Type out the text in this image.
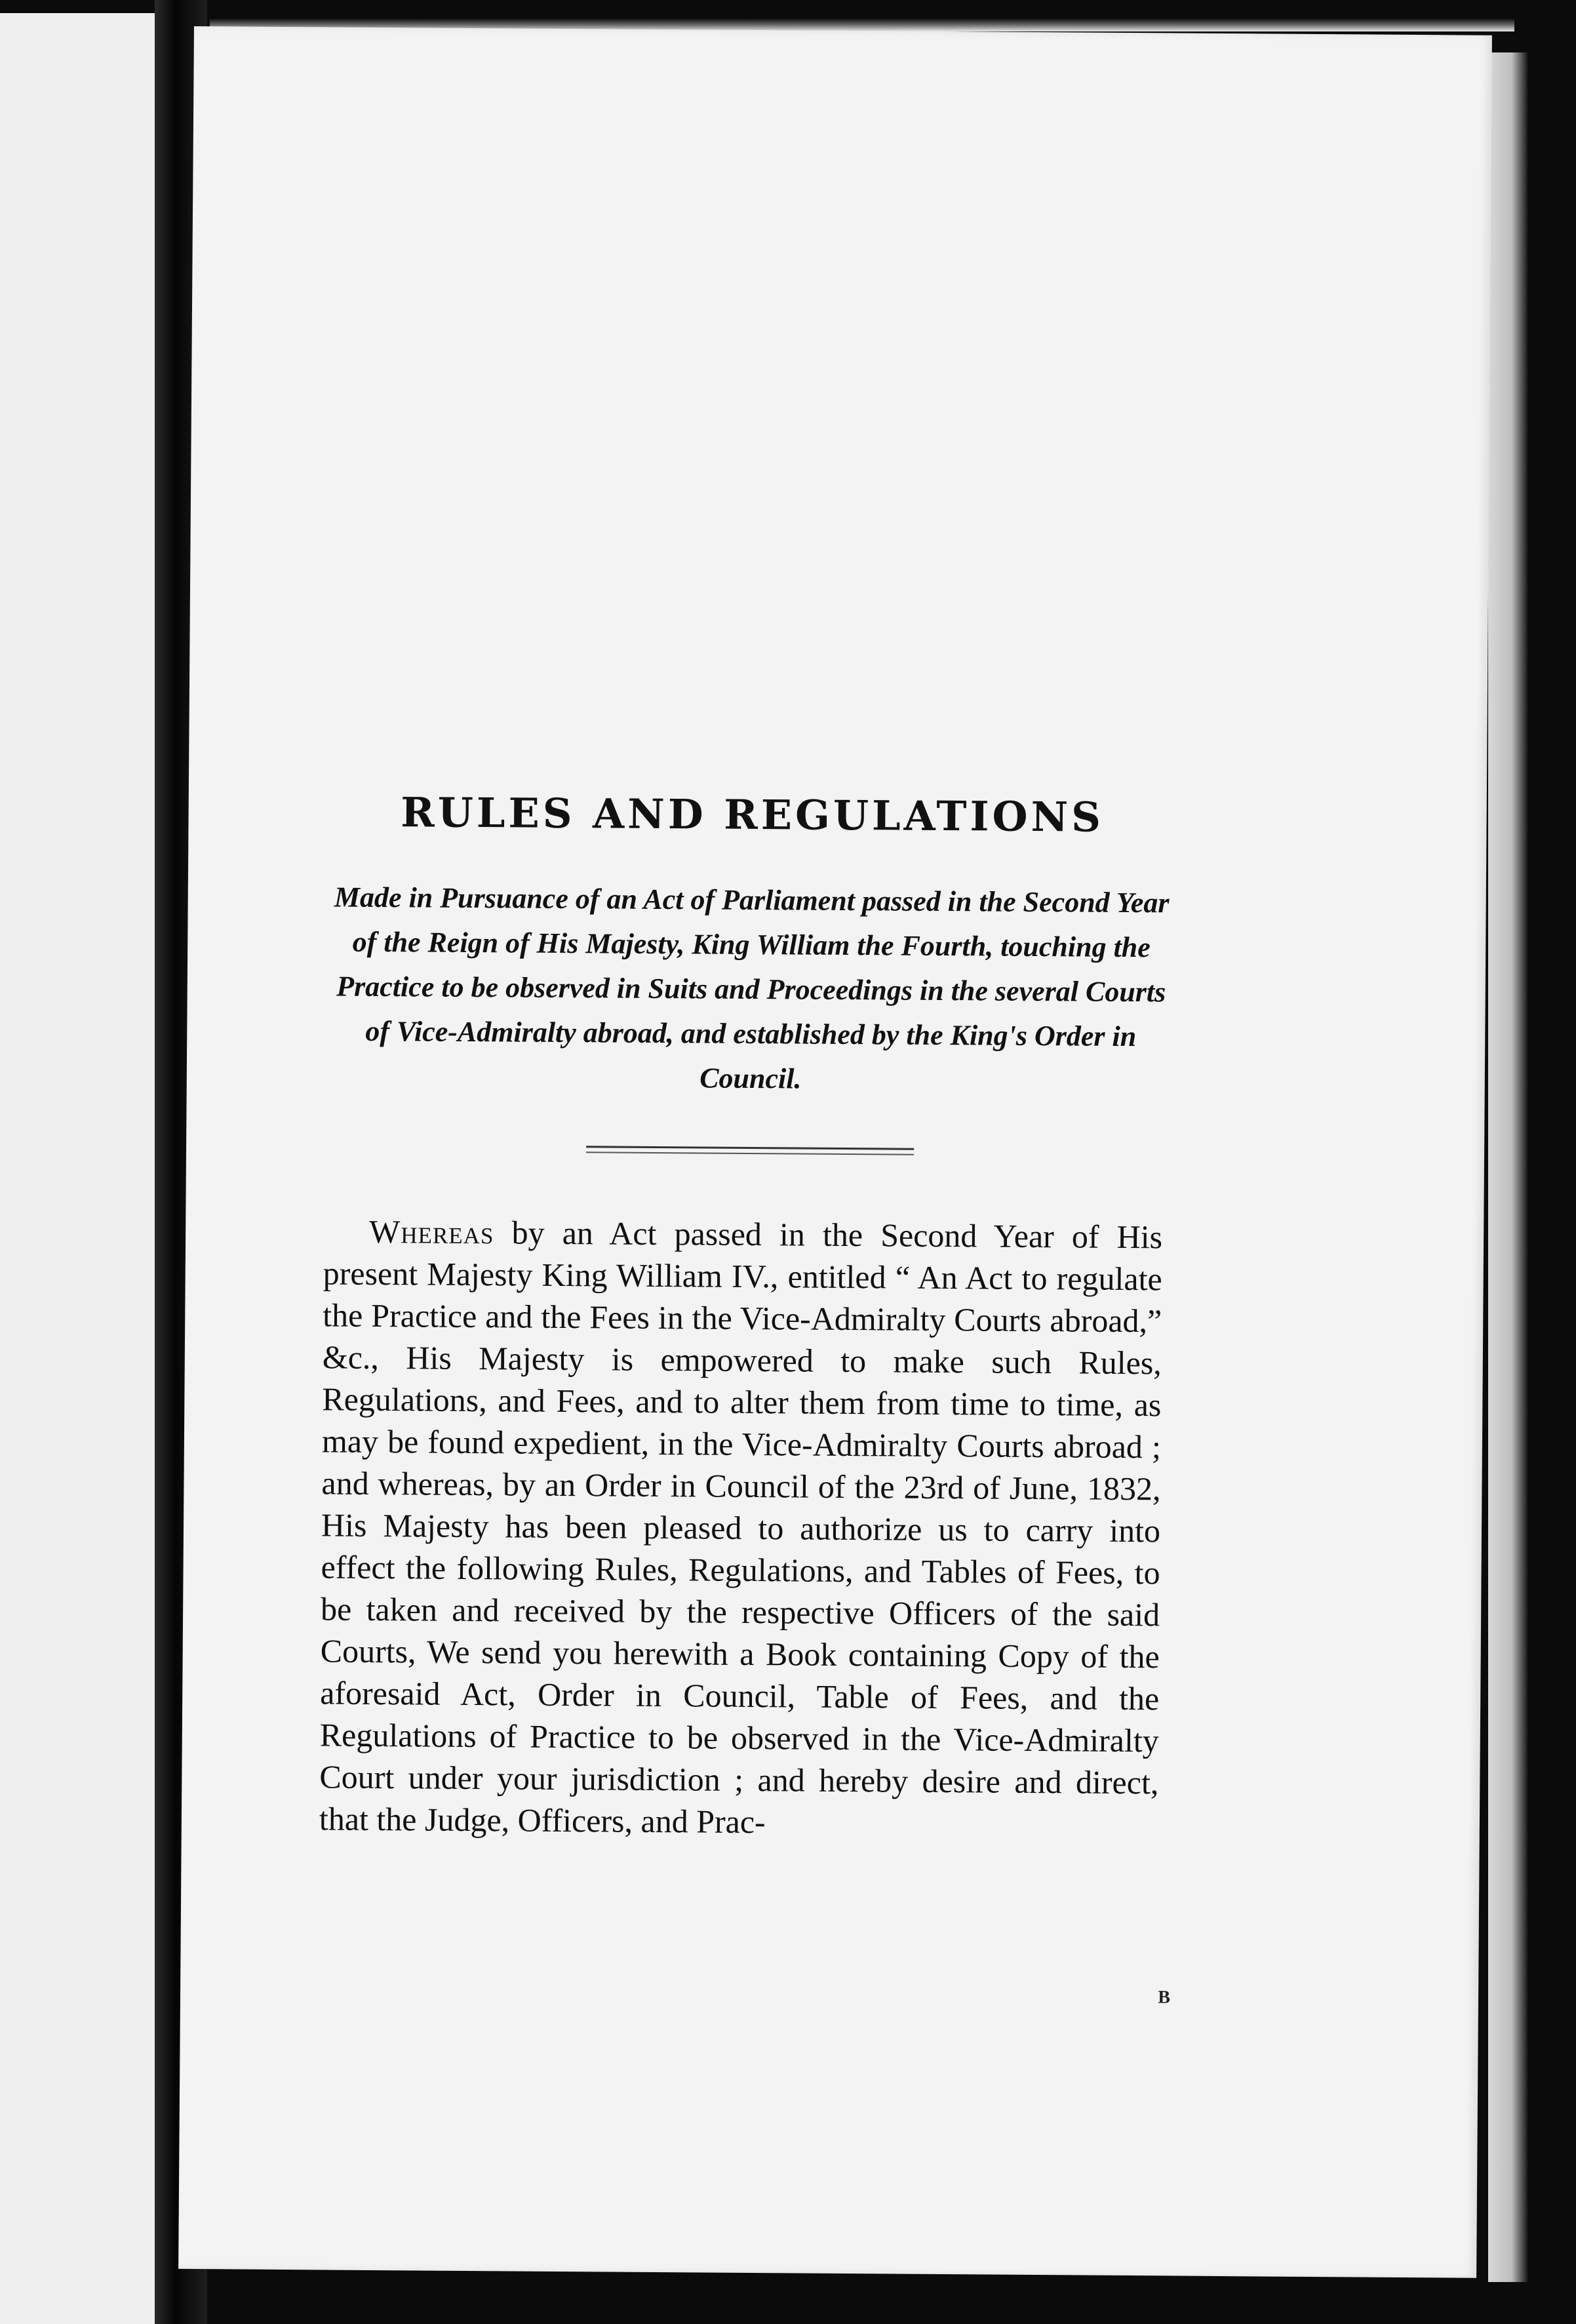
RULES AND REGULATIONS

Made in Pursuance of an Act of Parliament passed in the Second Year of the Reign of His Majesty, King William the Fourth, touching the Practice to be observed in Suits and Proceedings in the several Courts of Vice-Admiralty abroad, and established by the King's Order in Council.

Whereas by an Act passed in the Second Year of His present Majesty King William IV., entitled “ An Act to regulate the Practice and the Fees in the Vice-Admiralty Courts abroad,” &c., His Majesty is empowered to make such Rules, Regulations, and Fees, and to alter them from time to time, as may be found expedient, in the Vice-Admiralty Courts abroad ; and whereas, by an Order in Council of the 23rd of June, 1832, His Majesty has been pleased to authorize us to carry into effect the following Rules, Regulations, and Tables of Fees, to be taken and received by the respective Officers of the said Courts, We send you herewith a Book containing Copy of the aforesaid Act, Order in Council, Table of Fees, and the Regulations of Practice to be observed in the Vice-Admiralty Court under your jurisdiction ; and hereby desire and direct, that the Judge, Officers, and Prac-

B
